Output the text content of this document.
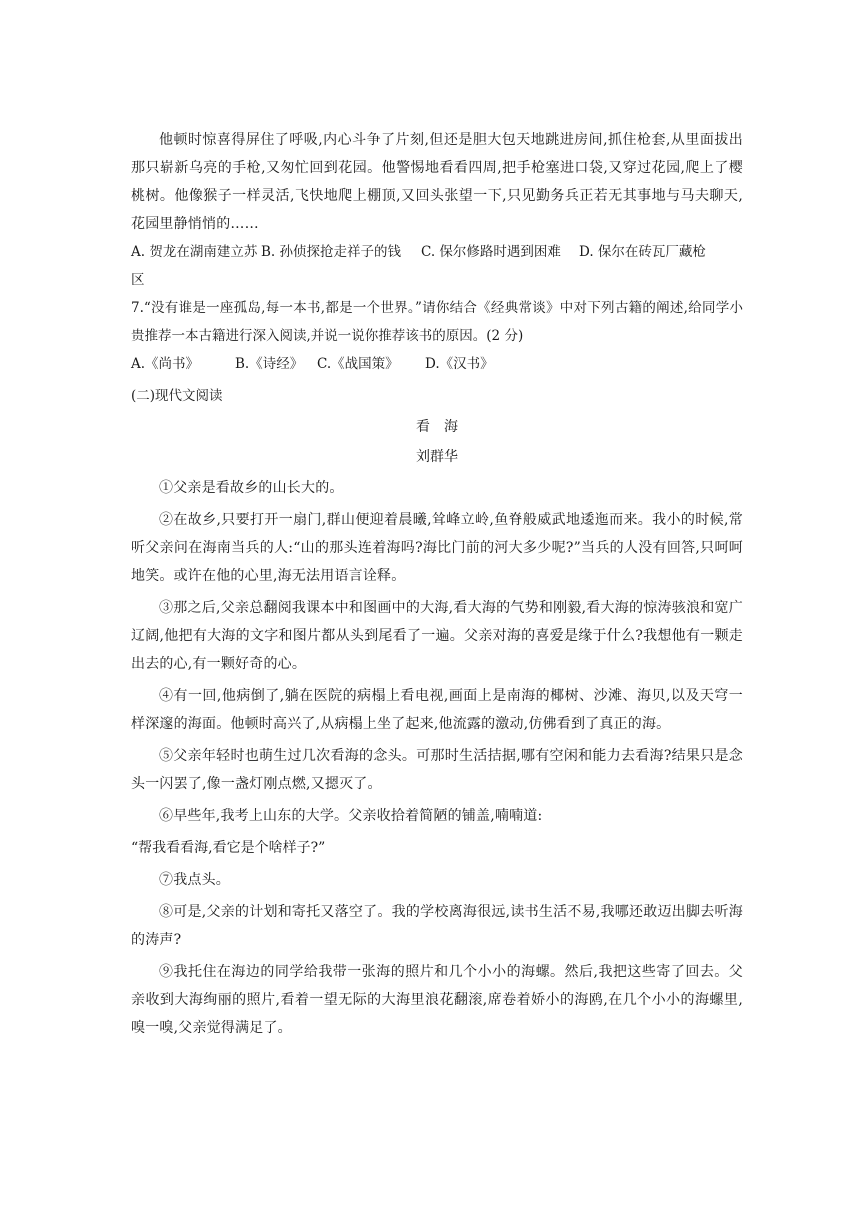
他顿时惊喜得屏住了呼吸,内心斗争了片刻,但还是胆大包天地跳进房间,抓住枪套,从里面拔出那只崭新乌亮的手枪,又匆忙回到花园。他警惕地看看四周,把手枪塞进口袋,又穿过花园,爬上了樱桃树。他像猴子一样灵活,飞快地爬上棚顶,又回头张望一下,只见勤务兵正若无其事地与马夫聊天,花园里静悄悄的……

A. 贺龙在湖南建立苏区
B. 孙侦探抢走祥子的钱	C. 保尔修路时遇到困难	D. 保尔在砖瓦厂藏枪

7.“没有谁是一座孤岛,每一本书,都是一个世界。”请你结合《经典常谈》中对下列古籍的阐述,给同学小贵推荐一本古籍进行深入阅读,并说一说你推荐该书的原因。(2 分)

A.《尚书》	B.《诗经》	C.《战国策》	D.《汉书》

(二)现代文阅读

看　海

刘群华

①父亲是看故乡的山长大的。

②在故乡,只要打开一扇门,群山便迎着晨曦,耸峰立岭,鱼脊般威武地逶迤而来。我小的时候,常听父亲问在海南当兵的人:“山的那头连着海吗?海比门前的河大多少呢?”当兵的人没有回答,只呵呵地笑。或许在他的心里,海无法用语言诠释。

③那之后,父亲总翻阅我课本中和图画中的大海,看大海的气势和刚毅,看大海的惊涛骇浪和宽广辽阔,他把有大海的文字和图片都从头到尾看了一遍。父亲对海的喜爱是缘于什么?我想他有一颗走出去的心,有一颗好奇的心。

④有一回,他病倒了,躺在医院的病榻上看电视,画面上是南海的椰树、沙滩、海贝,以及天穹一样深邃的海面。他顿时高兴了,从病榻上坐了起来,他流露的激动,仿佛看到了真正的海。

⑤父亲年轻时也萌生过几次看海的念头。可那时生活拮据,哪有空闲和能力去看海?结果只是念头一闪罢了,像一盏灯刚点燃,又摁灭了。

⑥早些年,我考上山东的大学。父亲收拾着简陋的铺盖,喃喃道:

“帮我看看海,看它是个啥样子?”

⑦我点头。

⑧可是,父亲的计划和寄托又落空了。我的学校离海很远,读书生活不易,我哪还敢迈出脚去听海的涛声?

⑨我托住在海边的同学给我带一张海的照片和几个小小的海螺。然后,我把这些寄了回去。父亲收到大海绚丽的照片,看着一望无际的大海里浪花翻滚,席卷着娇小的海鸥,在几个小小的海螺里,嗅一嗅,父亲觉得满足了。
